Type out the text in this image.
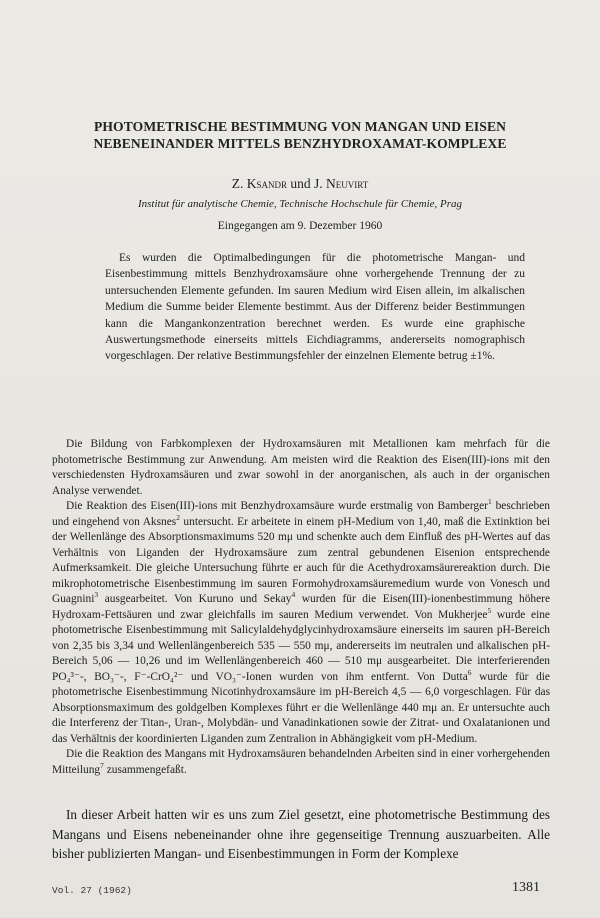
PHOTOMETRISCHE BESTIMMUNG VON MANGAN UND EISEN NEBENEINANDER MITTELS BENZHYDROXAMAT-KOMPLEXE
Z. Ksandr und J. Neuvirt
Institut für analytische Chemie, Technische Hochschule für Chemie, Prag
Eingegangen am 9. Dezember 1960
Es wurden die Optimalbedingungen für die photometrische Mangan- und Eisenbestimmung mittels Benzhydroxamsäure ohne vorhergehende Trennung der zu untersuchenden Elemente gefunden. Im sauren Medium wird Eisen allein, im alkalischen Medium die Summe beider Elemente bestimmt. Aus der Differenz beider Bestimmungen kann die Mangankonzentration berechnet werden. Es wurde eine graphische Auswertungsmethode einerseits mittels Eichdiagramms, andererseits nomographisch vorgeschlagen. Der relative Bestimmungsfehler der einzelnen Elemente betrug ±1%.

Die Bildung von Farbkomplexen der Hydroxamsäuren mit Metallionen kam mehrfach für die photometrische Bestimmung zur Anwendung. Am meisten wird die Reaktion des Eisen(III)-ions mit den verschiedensten Hydroxamsäuren und zwar sowohl in der anorganischen, als auch in der organischen Analyse verwendet.

Die Reaktion des Eisen(III)-ions mit Benzhydroxamsäure wurde erstmalig von Bamberger$^1$ beschrieben und eingehend von Aksnes$^2$ untersucht. Er arbeitete in einem pH-Medium von 1,40, maß die Extinktion bei der Wellenlänge des Absorptionsmaximums 520 mμ und schenkte auch dem Einfluß des pH-Wertes auf das Verhältnis von Liganden der Hydroxamsäure zum zentral gebundenen Eisenion entsprechende Aufmerksamkeit. Die gleiche Untersuchung führte er auch für die Acethydroxamsäurereaktion durch. Die mikrophotometrische Eisenbestimmung im sauren Formohydroxamsäuremedium wurde von Vonesch und Guagnini$^3$ ausgearbeitet. Von Kuruno und Sekay$^4$ wurden für die Eisen(III)-ionenbestimmung höhere Hydroxam-Fettsäuren und zwar gleichfalls im sauren Medium verwendet. Von Mukherjee$^5$ wurde eine photometrische Eisenbestimmung mit Salicylaldehydglycinhydroxamsäure einerseits im sauren pH-Bereich von 2,35 bis 3,34 und Wellenlängenbereich 535 — 550 mμ, andererseits im neutralen und alkalischen pH-Bereich 5,06 — 10,26 und im Wellenlängenbereich 460 — 510 mμ ausgearbeitet. Die interferierenden PO₄³⁻-, BO₃⁻-, F⁻-CrO₄²⁻ und VO₃⁻-Ionen wurden von ihm entfernt. Von Dutta$^6$ wurde für die photometrische Eisenbestimmung Nicotinhydroxamsäure im pH-Bereich 4,5 — 6,0 vorgeschlagen. Für das Absorptionsmaximum des goldgelben Komplexes führt er die Wellenlänge 440 mμ an. Er untersuchte auch die Interferenz der Titan-, Uran-, Molybdän- und Vanadinkationen sowie der Zitrat- und Oxalatanionen und das Verhältnis der koordinierten Liganden zum Zentralion in Abhängigkeit vom pH-Medium.

Die die Reaktion des Mangans mit Hydroxamsäuren behandelnden Arbeiten sind in einer vorhergehenden Mitteilung$^7$ zusammengefaßt.

In dieser Arbeit hatten wir es uns zum Ziel gesetzt, eine photometrische Bestimmung des Mangans und Eisens nebeneinander ohne ihre gegenseitige Trennung auszuarbeiten. Alle bisher publizierten Mangan- und Eisenbestimmungen in Form der Komplexe

Vol. 27 (1962)	1381
